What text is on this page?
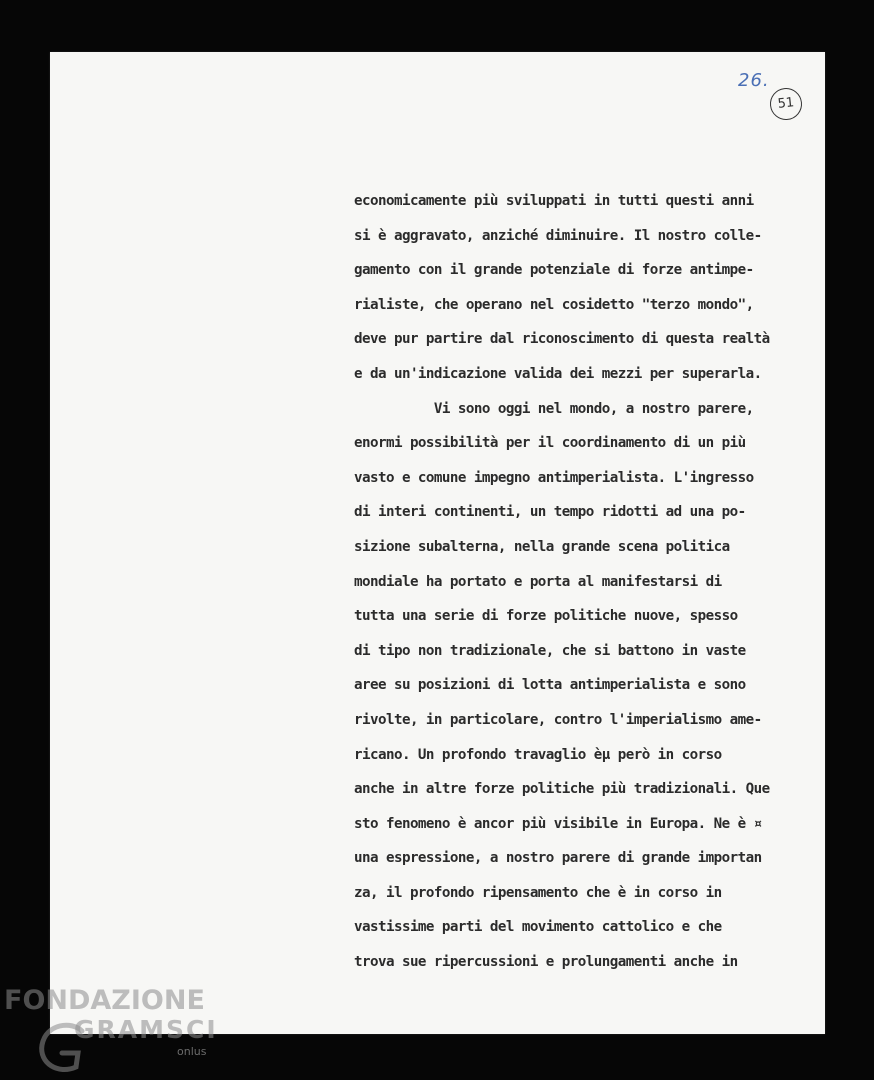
26.
51
economicamente più sviluppati in tutti questi anni
si è aggravato, anziché diminuire. Il nostro colle-
gamento con il grande potenziale di forze antimpe-
rialiste, che operano nel cosidetto "terzo mondo",
deve pur partire dal riconoscimento di questa realtà
e da un'indicazione valida dei mezzi per superarla.
Vi sono oggi nel mondo, a nostro parere,
enormi possibilità per il coordinamento di un più
vasto e comune impegno antimperialista. L'ingresso
di interi continenti, un tempo ridotti ad una po-
sizione subalterna, nella grande scena politica
mondiale ha portato e porta al manifestarsi di
tutta una serie di forze politiche nuove, spesso
di tipo non tradizionale, che si battono in vaste
aree su posizioni di lotta antimperialista e sono
rivolte, in particolare, contro l'imperialismo ame-
ricano. Un profondo travaglio èµ però in corso
anche in altre forze politiche più tradizionali. Que
sto fenomeno è ancor più visibile in Europa. Ne è ¤
una espressione, a nostro parere di grande importan
za, il profondo ripensamento che è in corso in
vastissime parti del movimento cattolico e che
trova sue ripercussioni e prolungamenti anche in
FONDAZIONE
GRAMSCI
onlus
